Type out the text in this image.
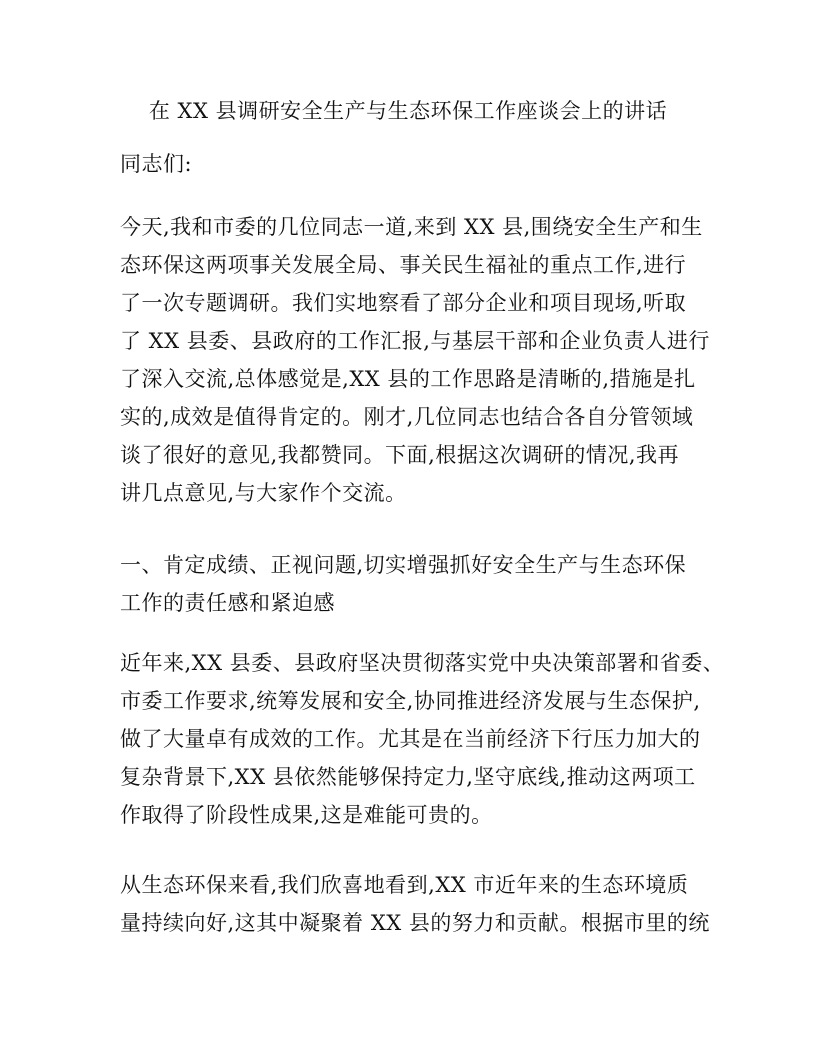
在 XX 县调研安全生产与生态环保工作座谈会上的讲话
同志们:
今天,我和市委的几位同志一道,来到 XX 县,围绕安全生产和生
态环保这两项事关发展全局、事关民生福祉的重点工作,进行
了一次专题调研。我们实地察看了部分企业和项目现场,听取
了 XX 县委、县政府的工作汇报,与基层干部和企业负责人进行
了深入交流,总体感觉是,XX 县的工作思路是清晰的,措施是扎
实的,成效是值得肯定的。刚才,几位同志也结合各自分管领域
谈了很好的意见,我都赞同。下面,根据这次调研的情况,我再
讲几点意见,与大家作个交流。
一、肯定成绩、正视问题,切实增强抓好安全生产与生态环保
工作的责任感和紧迫感
近年来,XX 县委、县政府坚决贯彻落实党中央决策部署和省委、
市委工作要求,统筹发展和安全,协同推进经济发展与生态保护,
做了大量卓有成效的工作。尤其是在当前经济下行压力加大的
复杂背景下,XX 县依然能够保持定力,坚守底线,推动这两项工
作取得了阶段性成果,这是难能可贵的。
从生态环保来看,我们欣喜地看到,XX 市近年来的生态环境质
量持续向好,这其中凝聚着 XX 县的努力和贡献。根据市里的统
